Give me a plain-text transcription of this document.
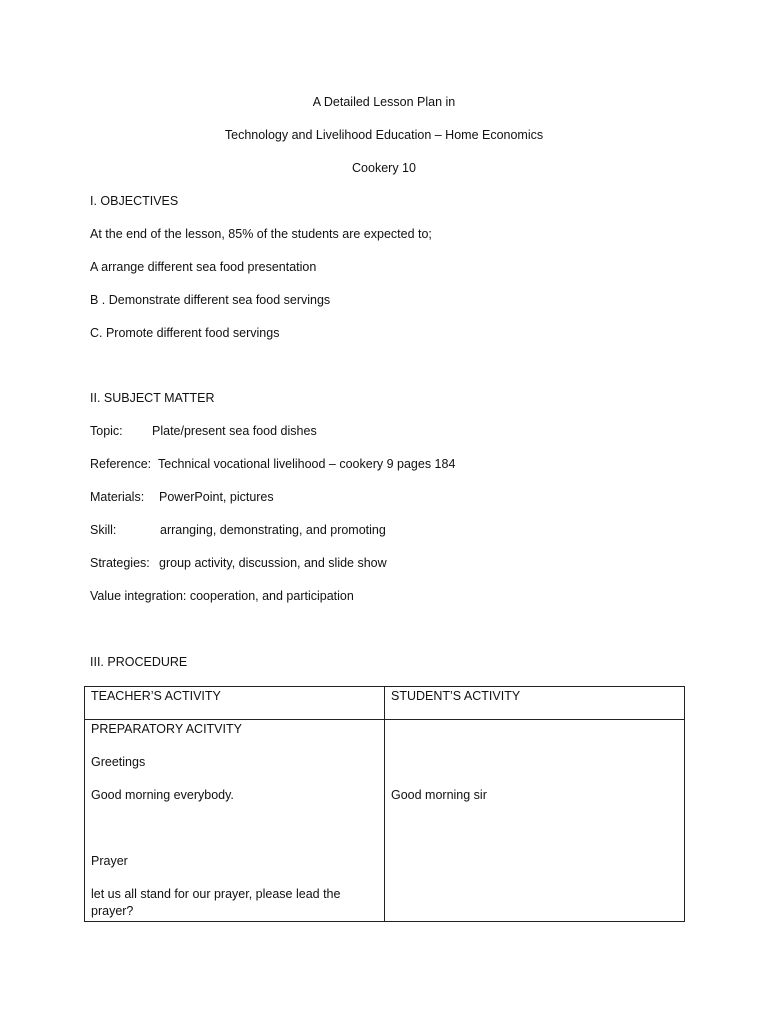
A Detailed Lesson Plan in
Technology and Livelihood Education – Home Economics
Cookery 10
I. OBJECTIVES
At the end of the lesson, 85% of the students are expected to;
A arrange different sea food presentation
B . Demonstrate different sea food servings
C. Promote different food servings
II. SUBJECT MATTER
Topic: Plate/present sea food dishes
Reference: Technical vocational livelihood – cookery 9 pages 184
Materials: PowerPoint, pictures
Skill:	arranging, demonstrating, and promoting
Strategies: group activity, discussion, and slide show
Value integration: cooperation, and participation
III. PROCEDURE
TEACHER’S ACTIVITY	STUDENT’S ACTIVITY
PREPARATORY ACITVITY
Greetings
Good morning everybody.	Good morning sir
Prayer
let us all stand for our prayer, please lead the
prayer?
